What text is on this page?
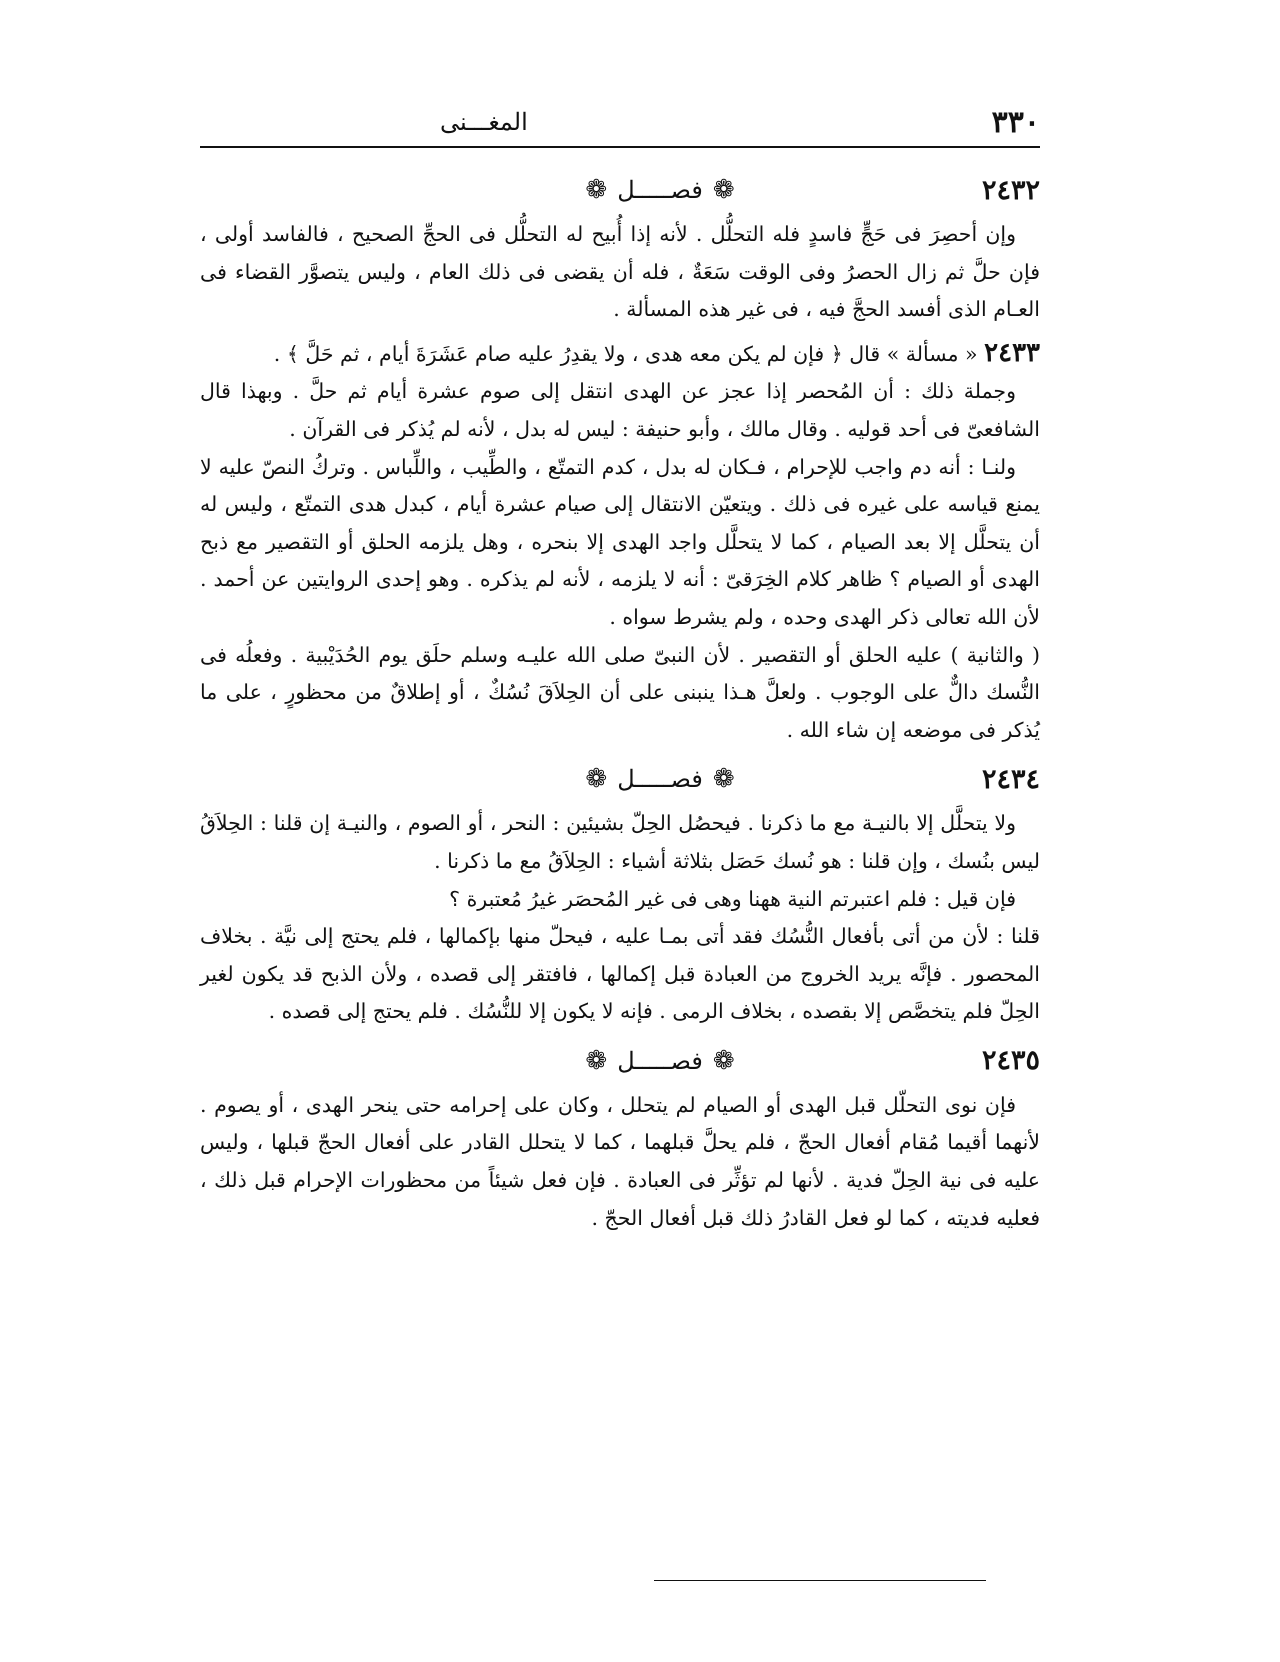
٣٣٠
المغـــنى
٢٤٣٢
❁
فصـــــل
❁

وإن أحصِرَ فى حَجٍّ فاسدٍ فله التحلُّل . لأنه إذا أُبيح له التحلُّل فى الحجِّ الصحيح ، فالفاسد أولى ، فإن حلَّ ثم زال الحصرُ وفى الوقت سَعَةٌ ، فله أن يقضى فى ذلك العام ، وليس يتصوَّر القضاء فى العـام الذى أفسد الحجَّ فيه ، فى غير هذه المسألة .

٢٤٣٣ « مسألة » قال ﴿ فإن لم يكن معه هدى ، ولا يقدِرُ عليه صام عَشَرَةَ أيام ، ثم حَلَّ ﴾ .

وجملة ذلك : أن المُحصر إذا عجز عن الهدى انتقل إلى صوم عشرة أيام ثم حلَّ . وبهذا قال الشافعىّ فى أحد قوليه . وقال مالك ، وأبو حنيفة : ليس له بدل ، لأنه لم يُذكر فى القرآن .

ولنـا : أنه دم واجب للإحرام ، فـكان له بدل ، كدم التمتّع ، والطِّيب ، واللِّباس . وتركُ النصّ عليه لا يمنع قياسه على غيره فى ذلك . ويتعيّن الانتقال إلى صيام عشرة أيام ، كبدل هدى التمتّع ، وليس له أن يتحلَّل إلا بعد الصيام ، كما لا يتحلَّل واجد الهدى إلا بنحره ، وهل يلزمه الحلق أو التقصير مع ذبح الهدى أو الصيام ؟ ظاهر كلام الخِرَقىّ : أنه لا يلزمه ، لأنه لم يذكره . وهو إحدى الروايتين عن أحمد . لأن الله تعالى ذكر الهدى وحده ، ولم يشرط سواه .

( والثانية ) عليه الحلق أو التقصير . لأن النبىّ صلى الله عليـه وسلم حلَق يوم الحُدَيْبية . وفعلُه فى النُّسك دالٌّ على الوجوب . ولعلَّ هـذا ينبنى على أن الحِلاَقَ نُسُكٌ ، أو إطلاقٌ من محظورٍ ، على ما يُذكر فى موضعه إن شاء الله .

٢٤٣٤
❁
فصـــــل
❁

ولا يتحلَّل إلا بالنيـة مع ما ذكرنا . فيحصُل الحِلّ بشيئين : النحر ، أو الصوم ، والنيـة إن قلنا : الحِلاَقُ ليس بنُسك ، وإن قلنا : هو نُسك حَصَل بثلاثة أشياء : الحِلاَقُ مع ما ذكرنا .

فإن قيل : فلم اعتبرتم النية ههنا وهى فى غير المُحصَر غيرُ مُعتبرة ؟

قلنا : لأن من أتى بأفعال النُّسُك فقد أتى بمـا عليه ، فيحلّ منها بإكمالها ، فلم يحتج إلى نيَّة . بخلاف المحصور . فإنَّه يريد الخروج من العبادة قبل إكمالها ، فافتقر إلى قصده ، ولأن الذبح قد يكون لغير الحِلّ فلم يتخصَّص إلا بقصده ، بخلاف الرمى . فإنه لا يكون إلا للنُّسُك . فلم يحتج إلى قصده .

٢٤٣٥
❁
فصـــــل
❁

فإن نوى التحلّل قبل الهدى أو الصيام لم يتحلل ، وكان على إحرامه حتى ينحر الهدى ، أو يصوم . لأنهما أقيما مُقام أفعال الحجّ ، فلم يحلَّ قبلهما ، كما لا يتحلل القادر على أفعال الحجّ قبلها ، وليس عليه فى نية الحِلّ فدية . لأنها لم تؤثِّر فى العبادة . فإن فعل شيئاً من محظورات الإحرام قبل ذلك ، فعليه فديته ، كما لو فعل القادرُ ذلك قبل أفعال الحجّ .
